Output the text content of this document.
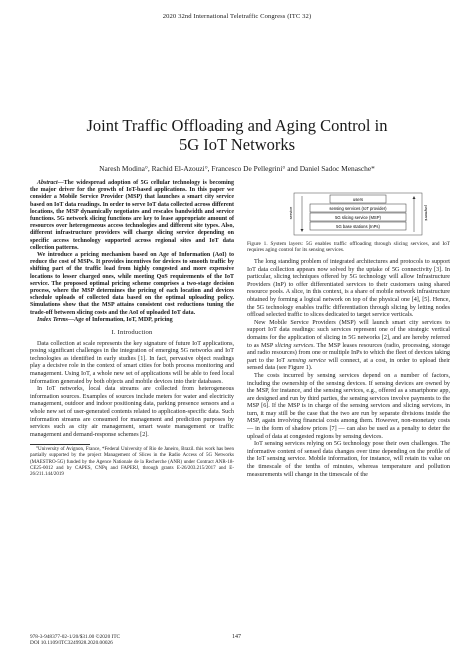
2020 32nd International Teletraffic Congress (ITC 32)
Joint Traffic Offloading and Aging Control in
5G IoT Networks
Naresh Modina°, Rachid El-Azouzi°, Francesco De Pellegrini° and Daniel Sadoc Menasche*

Abstract—The widespread adoption of 5G cellular technology is becoming the major driver for the growth of IoT-based applications. In this paper we consider a Mobile Service Provider (MSP) that launches a smart city service based on IoT data readings. In order to serve IoT data collected across different locations, the MSP dynamically negotiates and rescales bandwidth and service functions. 5G network slicing functions are key to lease appropriate amount of resources over heterogeneous access technologies and different site types. Also, different infrastructure providers will charge slicing service depending on specific access technology supported across regional sites and IoT data collection patterns.

We introduce a pricing mechanism based on Age of Information (AoI) to reduce the cost of MSPs. It provides incentives for devices to smooth traffic by shifting part of the traffic load from highly congested and more expensive locations to lesser charged ones, while meeting QoS requirements of the IoT service. The proposed optimal pricing scheme comprises a two-stage decision process, where the MSP determines the pricing of each location and devices schedule uploads of collected data based on the optimal uploading policy. Simulations show that the MSP attains consistent cost reductions tuning the trade-off between slicing costs and the AoI of uploaded IoT data.

Index Terms—Age of Information, IoT, MDP, pricing

I. Introduction

Data collection at scale represents the key signature of future IoT applications, posing significant challenges in the integration of emerging 5G networks and IoT technologies as identified in early studies [1]. In fact, pervasive object readings play a decisive role in the context of smart cities for both process monitoring and management. Using IoT, a whole new set of applications will be able to feed local information generated by both objects and mobile devices into their databases.

In IoT networks, local data streams are collected from heterogeneous information sources. Examples of sources include meters for water and electricity management, outdoor and indoor positioning data, parking presence sensors and a whole new set of user-generated contents related to application-specific data. Such information streams are consumed for management and prediction purposes by services such as city air management, smart waste management or traffic management and demand-response schemes [2].

°University of Avignon, France, *Federal University of Rio de Janeiro, Brazil. this work has been partially supported by the project Management of Slices in the Radio Access of 5G Networks (MAESTRO-5G) funded by the Agence Nationale de la Recherche (ANR) under Contract ANR-18-CE25-0012 and by CAPES, CNPq and FAPERJ, through grants E-26/203.215/2017 and E-26/211.144/2019

users
sensing services (IoT provider)
5G slicing service (MSP)
5G base stations (InPs)
service	payment
Figure 1. System layers: 5G enables traffic offloading through slicing services, and IoT requires aging control for its sensing services.

The long standing problem of integrated architectures and protocols to support IoT data collection appears now solved by the uptake of 5G connectivity [3]. In particular, slicing techniques offered by 5G technology will allow Infrastructure Providers (InP) to offer differentiated services to their customers using shared resource pools. A slice, in this context, is a share of mobile network infrastructure obtained by forming a logical network on top of the physical one [4], [5]. Hence, the 5G technology enables traffic differentiation through slicing by letting nodes offload selected traffic to slices dedicated to target service verticals.

New Mobile Service Providers (MSP) will launch smart city services to support IoT data readings: such services represent one of the strategic vertical domains for the application of slicing in 5G networks [2], and are hereby referred to as MSP slicing services. The MSP leases resources (radio, processing, storage and radio resources) from one or multiple InPs to which the fleet of devices taking part to the IoT sensing service will connect, at a cost, in order to upload their sensed data (see Figure 1).

The costs incurred by sensing services depend on a number of factors, including the ownership of the sensing devices. If sensing devices are owned by the MSP, for instance, and the sensing services, e.g., offered as a smartphone app, are designed and run by third parties, the sensing services involve payments to the MSP [6]. If the MSP is in charge of the sensing services and slicing services, in turn, it may still be the case that the two are run by separate divisions inside the MSP, again involving financial costs among them. However, non-monetary costs — in the form of shadow prices [7] — can also be used as a penalty to deter the upload of data at congested regions by sensing devices.

IoT sensing services relying on 5G technology pose their own challenges. The informative content of sensed data changes over time depending on the profile of the IoT sensing service. Mobile information, for instance, will retain its value on the timescale of the tenths of minutes, whereas temperature and pollution measurements will change in the timescale of the

978-3-948377-02-1/20/$31.00 ©2020 ITC
DOI 10.1109/ITC3249928.2020.00026
147
